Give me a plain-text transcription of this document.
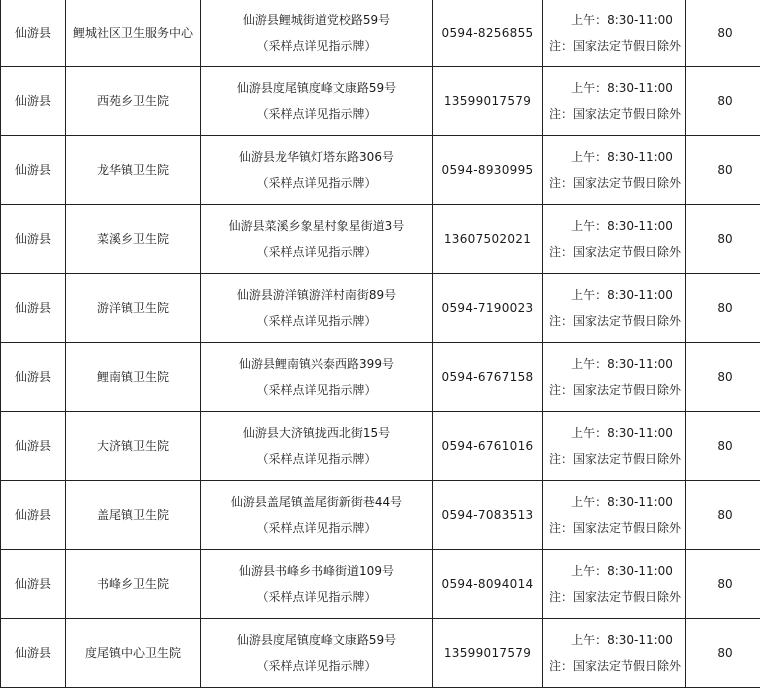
仙游县	鲤城社区卫生服务中心	仙游县鲤城街道党校路59号
（采样点详见指示牌）	0594-8256855	上午：8:30-11:00
注：国家法定节假日除外	80
仙游县	西苑乡卫生院	仙游县度尾镇度峰文康路59号
（采样点详见指示牌）	13599017579	上午：8:30-11:00
注：国家法定节假日除外	80
仙游县	龙华镇卫生院	仙游县龙华镇灯塔东路306号
（采样点详见指示牌）	0594-8930995	上午：8:30-11:00
注：国家法定节假日除外	80
仙游县	菜溪乡卫生院	仙游县菜溪乡象星村象星街道3号
（采样点详见指示牌）	13607502021	上午：8:30-11:00
注：国家法定节假日除外	80
仙游县	游洋镇卫生院	仙游县游洋镇游洋村南街89号
（采样点详见指示牌）	0594-7190023	上午：8:30-11:00
注：国家法定节假日除外	80
仙游县	鲤南镇卫生院	仙游县鲤南镇兴泰西路399号
（采样点详见指示牌）	0594-6767158	上午：8:30-11:00
注：国家法定节假日除外	80
仙游县	大济镇卫生院	仙游县大济镇拢西北街15号
（采样点详见指示牌）	0594-6761016	上午：8:30-11:00
注：国家法定节假日除外	80
仙游县	盖尾镇卫生院	仙游县盖尾镇盖尾街新街巷44号
（采样点详见指示牌）	0594-7083513	上午：8:30-11:00
注：国家法定节假日除外	80
仙游县	书峰乡卫生院	仙游县书峰乡书峰街道109号
（采样点详见指示牌）	0594-8094014	上午：8:30-11:00
注：国家法定节假日除外	80
仙游县	度尾镇中心卫生院	仙游县度尾镇度峰文康路59号
（采样点详见指示牌）	13599017579	上午：8:30-11:00
注：国家法定节假日除外	80
